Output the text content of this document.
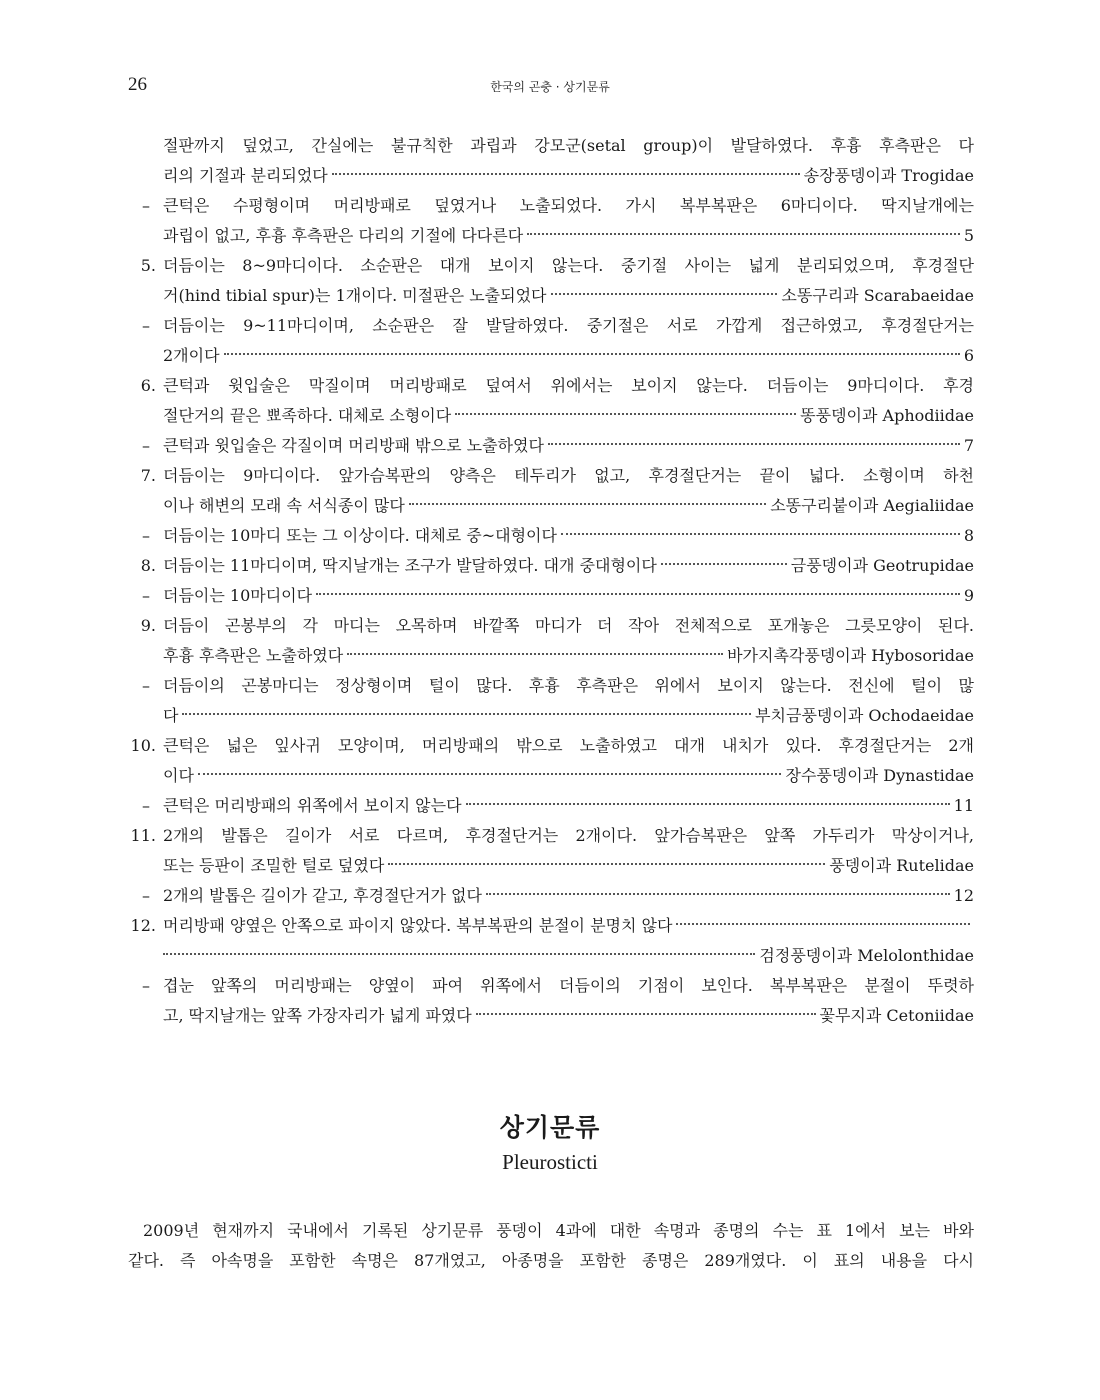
26	한국의 곤충 · 상기문류
절판까지 덮었고, 간실에는 불규칙한 과립과 강모군(setal group)이 발달하였다. 후흉 후측판은 다
리의 기절과 분리되었다	송장풍뎅이과 Trogidae
– 큰턱은 수평형이며 머리방패로 덮였거나 노출되었다. 가시 복부복판은 6마디이다. 딱지날개에는
과립이 없고, 후흉 후측판은 다리의 기절에 다다른다	5
5. 더듬이는 8~9마디이다. 소순판은 대개 보이지 않는다. 중기절 사이는 넓게 분리되었으며, 후경절단
거(hind tibial spur)는 1개이다. 미절판은 노출되었다	소똥구리과 Scarabaeidae
– 더듬이는 9~11마디이며, 소순판은 잘 발달하였다. 중기절은 서로 가깝게 접근하였고, 후경절단거는
2개이다	6
6. 큰턱과 윗입술은 막질이며 머리방패로 덮여서 위에서는 보이지 않는다. 더듬이는 9마디이다. 후경
절단거의 끝은 뾰족하다. 대체로 소형이다	똥풍뎅이과 Aphodiidae
– 큰턱과 윗입술은 각질이며 머리방패 밖으로 노출하였다	7
7. 더듬이는 9마디이다. 앞가슴복판의 양측은 테두리가 없고, 후경절단거는 끝이 넓다. 소형이며 하천
이나 해변의 모래 속 서식종이 많다	소똥구리붙이과 Aegialiidae
– 더듬이는 10마디 또는 그 이상이다. 대체로 중~대형이다	8
8. 더듬이는 11마디이며, 딱지날개는 조구가 발달하였다. 대개 중대형이다	금풍뎅이과 Geotrupidae
– 더듬이는 10마디이다	9
9. 더듬이 곤봉부의 각 마디는 오목하며 바깥쪽 마디가 더 작아 전체적으로 포개놓은 그릇모양이 된다.
후흉 후측판은 노출하였다	바가지촉각풍뎅이과 Hybosoridae
– 더듬이의 곤봉마디는 정상형이며 털이 많다. 후흉 후측판은 위에서 보이지 않는다. 전신에 털이 많
다	부치금풍뎅이과 Ochodaeidae
10. 큰턱은 넓은 잎사귀 모양이며, 머리방패의 밖으로 노출하였고 대개 내치가 있다. 후경절단거는 2개
이다	장수풍뎅이과 Dynastidae
– 큰턱은 머리방패의 위쪽에서 보이지 않는다	11
11. 2개의 발톱은 길이가 서로 다르며, 후경절단거는 2개이다. 앞가슴복판은 앞쪽 가두리가 막상이거나,
또는 등판이 조밀한 털로 덮였다	풍뎅이과 Rutelidae
– 2개의 발톱은 길이가 같고, 후경절단거가 없다	12
12. 머리방패 양옆은 안쪽으로 파이지 않았다. 복부복판의 분절이 분명치 않다
검정풍뎅이과 Melolonthidae
– 겹눈 앞쪽의 머리방패는 양옆이 파여 위쪽에서 더듬이의 기점이 보인다. 복부복판은 분절이 뚜렷하
고, 딱지날개는 앞쪽 가장자리가 넓게 파였다	꽃무지과 Cetoniidae
상기문류
Pleurosticti
2009년 현재까지 국내에서 기록된 상기문류 풍뎅이 4과에 대한 속명과 종명의 수는 표 1에서 보는 바와
같다. 즉 아속명을 포함한 속명은 87개였고, 아종명을 포함한 종명은 289개였다. 이 표의 내용을 다시
